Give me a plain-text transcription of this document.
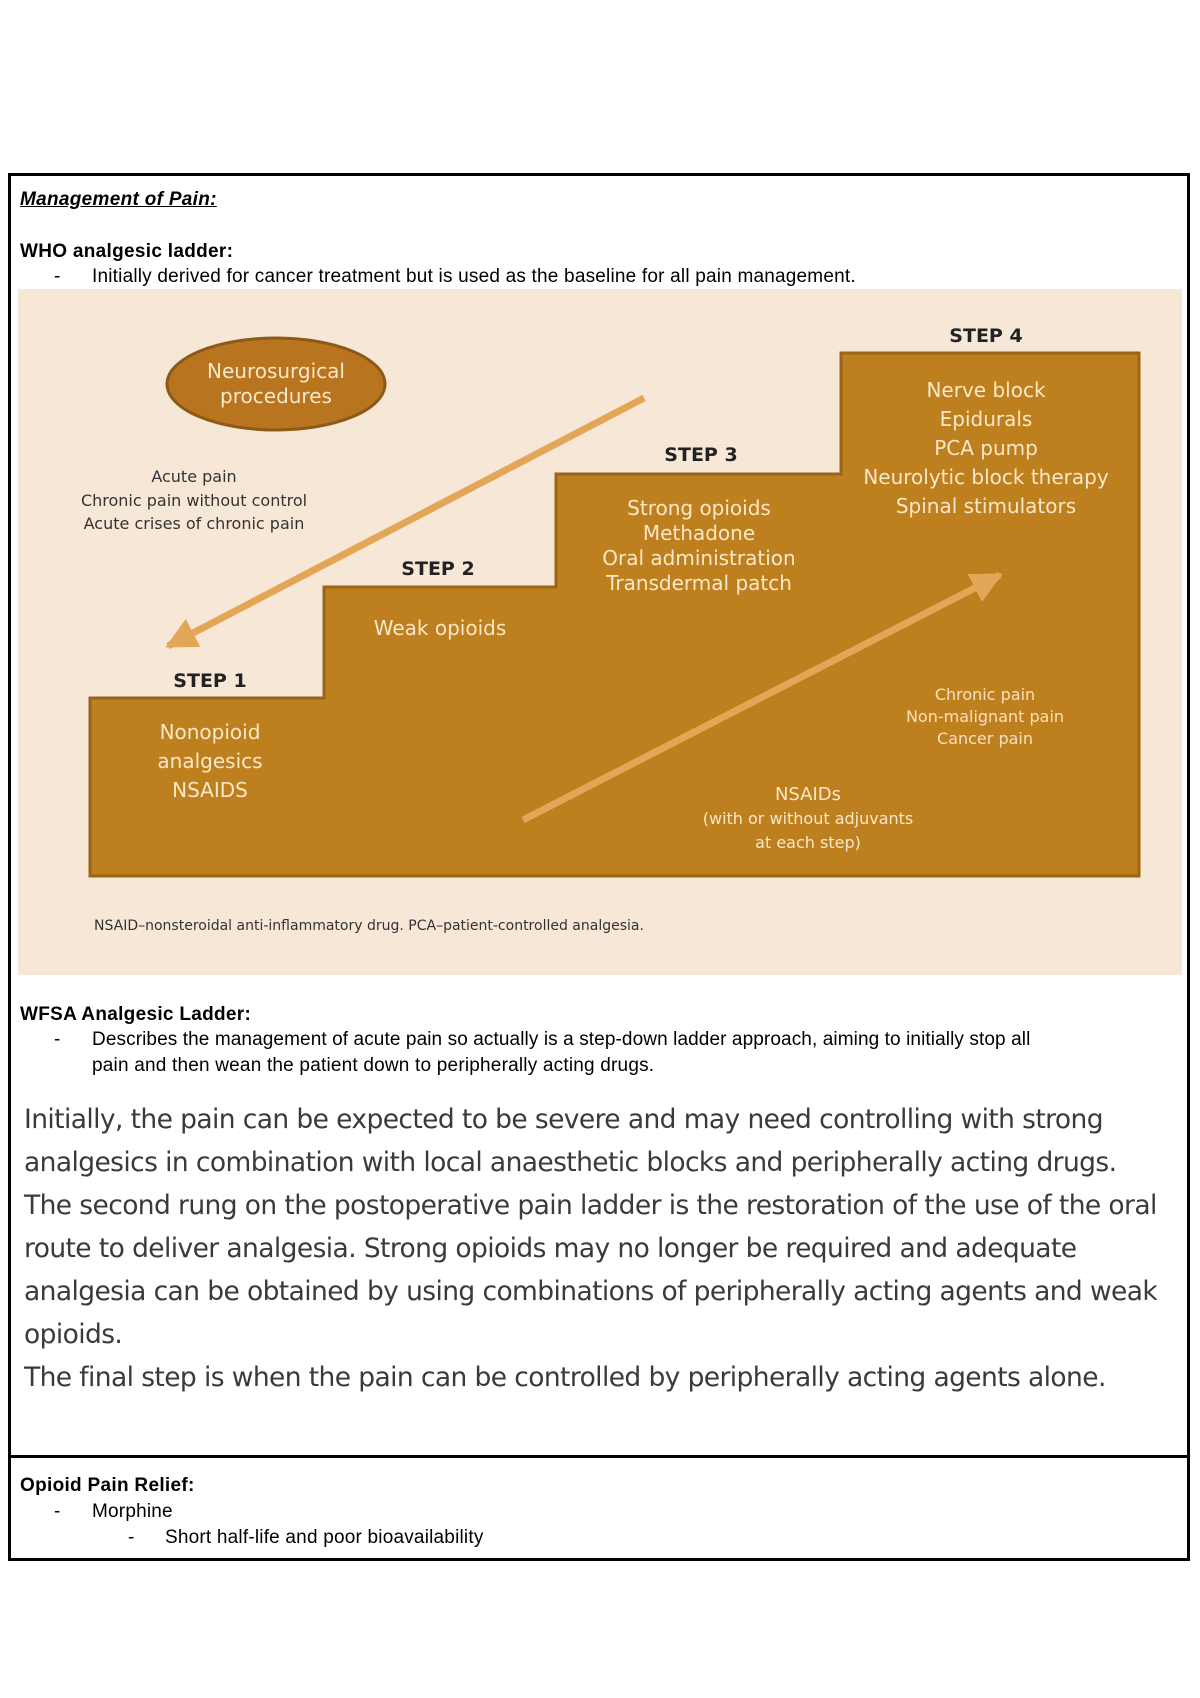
Management of Pain:
WHO analgesic ladder:
- Initially derived for cancer treatment but is used as the baseline for all pain management.
Neurosurgical
procedures
Acute pain
Chronic pain without control
Acute crises of chronic pain
STEP 1
Nonopioid
analgesics
NSAIDS
STEP 2
Weak opioids
STEP 3
Strong opioids
Methadone
Oral administration
Transdermal patch
STEP 4
Nerve block
Epidurals
PCA pump
Neurolytic block therapy
Spinal stimulators
Chronic pain
Non-malignant pain
Cancer pain
NSAIDs
(with or without adjuvants
at each step)
NSAID–nonsteroidal anti-inflammatory drug. PCA–patient-controlled analgesia.
WFSA Analgesic Ladder:
- Describes the management of acute pain so actually is a step-down ladder approach, aiming to initially stop all
pain and then wean the patient down to peripherally acting drugs.
Initially, the pain can be expected to be severe and may need controlling with strong
analgesics in combination with local anaesthetic blocks and peripherally acting drugs.
The second rung on the postoperative pain ladder is the restoration of the use of the oral
route to deliver analgesia. Strong opioids may no longer be required and adequate
analgesia can be obtained by using combinations of peripherally acting agents and weak
opioids.
The final step is when the pain can be controlled by peripherally acting agents alone.
Opioid Pain Relief:
- Morphine
- Short half-life and poor bioavailability
